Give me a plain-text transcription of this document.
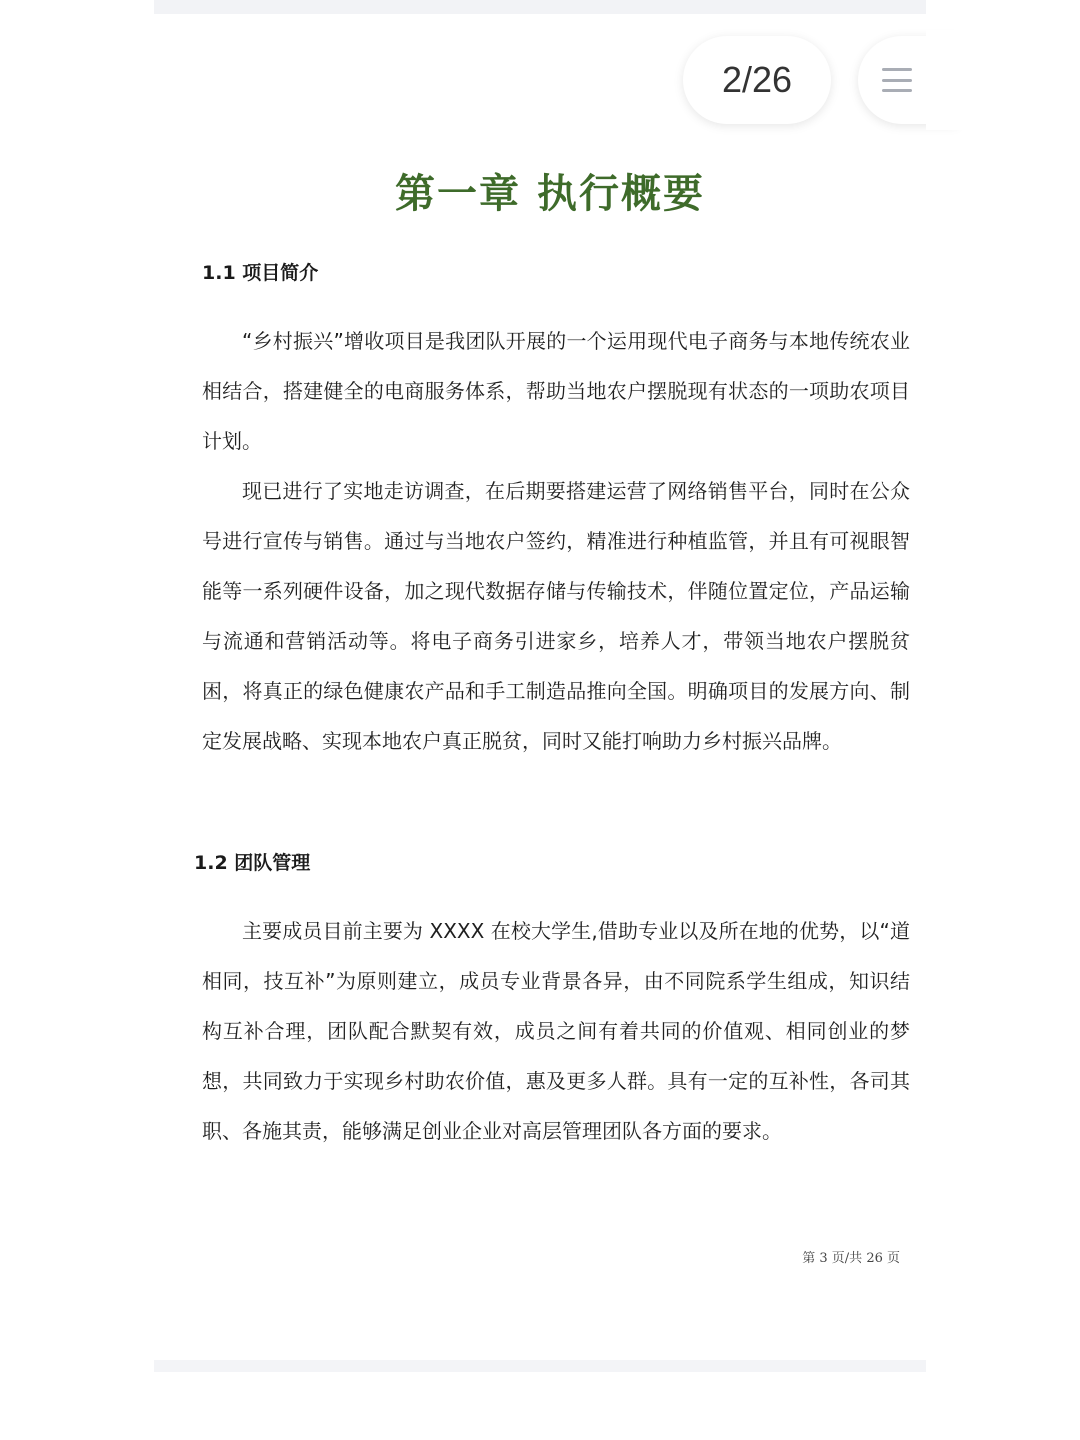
2/26
第一章 执行概要
1.1 项目简介

“乡村振兴”增收项目是我团队开展的一个运用现代电子商务与本地传统农业相结合，搭建健全的电商服务体系，帮助当地农户摆脱现有状态的一项助农项目计划。

现已进行了实地走访调查，在后期要搭建运营了网络销售平台，同时在公众号进行宣传与销售。通过与当地农户签约，精准进行种植监管，并且有可视眼智能等一系列硬件设备，加之现代数据存储与传输技术，伴随位置定位，产品运输与流通和营销活动等。将电子商务引进家乡，培养人才，带领当地农户摆脱贫困，将真正的绿色健康农产品和手工制造品推向全国。明确项目的发展方向、制定发展战略、实现本地农户真正脱贫，同时又能打响助力乡村振兴品牌。

1.2 团队管理

主要成员目前主要为 XXXX 在校大学生,借助专业以及所在地的优势，以“道相同，技互补”为原则建立，成员专业背景各异，由不同院系学生组成，知识结构互补合理，团队配合默契有效，成员之间有着共同的价值观、相同创业的梦想，共同致力于实现乡村助农价值，惠及更多人群。具有一定的互补性，各司其职、各施其责，能够满足创业企业对高层管理团队各方面的要求。

第 3 页/共 26 页
